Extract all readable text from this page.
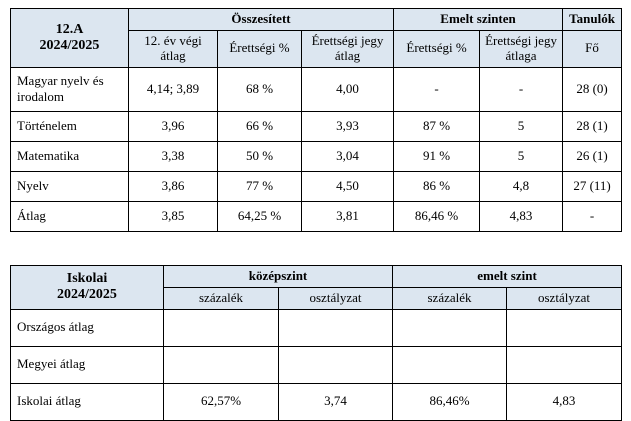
12.A
2024/2025	Összesített			Emelt szinten		Tanulók
	12. év végi átlag	Érettségi %	Érettségi jegy átlag	Érettségi %	Érettségi jegy átlaga	Fő
Magyar nyelv és irodalom	4,14; 3,89	68 %	4,00	-	-	28 (0)
Történelem	3,96	66 %	3,93	87 %	5	28 (1)
Matematika	3,38	50 %	3,04	91 %	5	26 (1)
Nyelv	3,86	77 %	4,50	86 %	4,8	27 (11)
Átlag	3,85	64,25 %	3,81	86,46 %	4,83	-
Iskolai
2024/2025	középszint		emelt szint	
	százalék	osztályzat	százalék	osztályzat
Országos átlag				
Megyei átlag				
Iskolai átlag	62,57%	3,74	86,46%	4,83
